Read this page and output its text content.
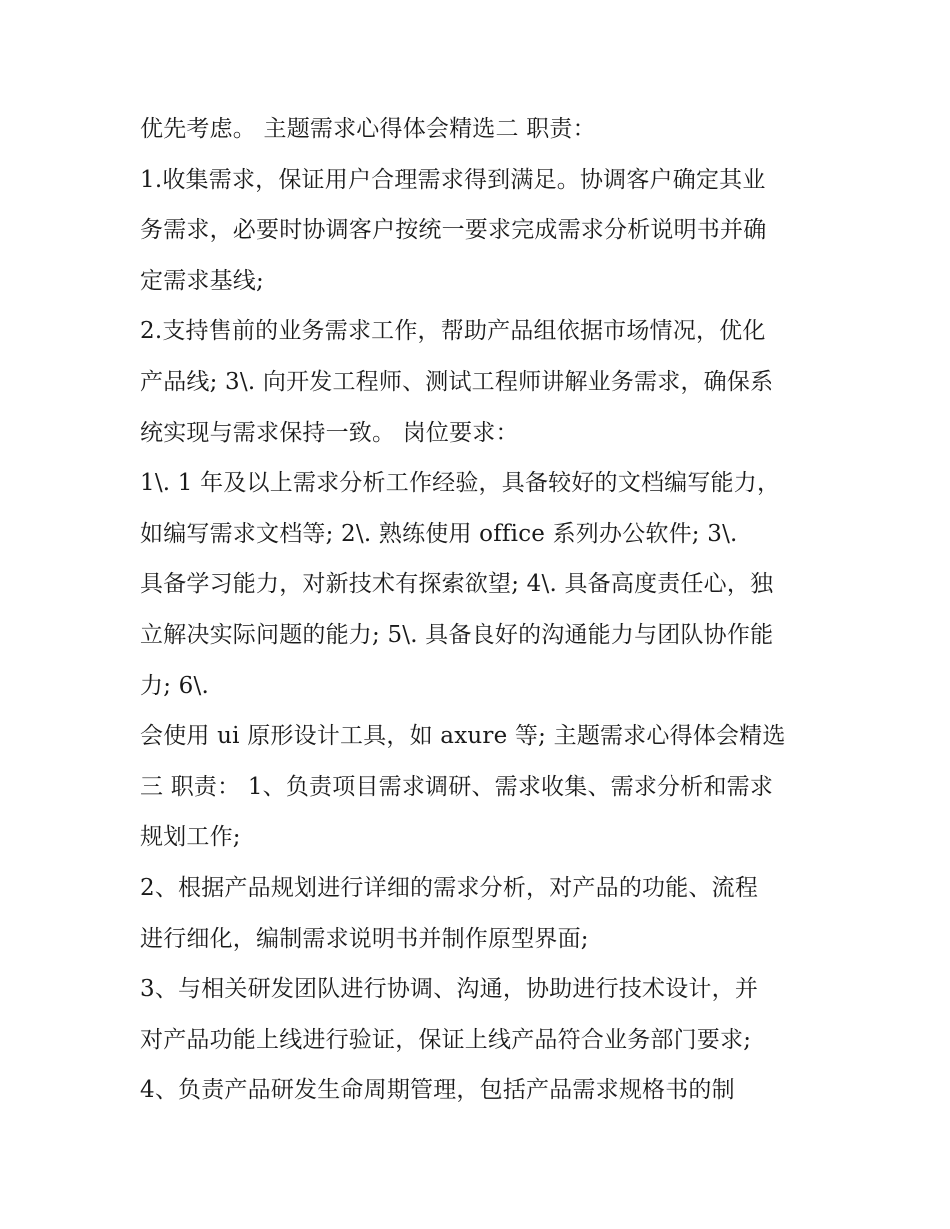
优先考虑。 主题需求心得体会精选二 职责：
1.收集需求，保证用户合理需求得到满足。协调客户确定其业
务需求，必要时协调客户按统一要求完成需求分析说明书并确
定需求基线;
2.支持售前的业务需求工作，帮助产品组依据市场情况，优化
产品线; 3\. 向开发工程师、测试工程师讲解业务需求，确保系
统实现与需求保持一致。 岗位要求：
1\. 1 年及以上需求分析工作经验，具备较好的文档编写能力，
如编写需求文档等; 2\. 熟练使用 office 系列办公软件; 3\.
具备学习能力，对新技术有探索欲望; 4\. 具备高度责任心，独
立解决实际问题的能力; 5\. 具备良好的沟通能力与团队协作能
力; 6\.
会使用 ui 原形设计工具，如 axure 等; 主题需求心得体会精选
三 职责： 1、负责项目需求调研、需求收集、需求分析和需求
规划工作;
2、根据产品规划进行详细的需求分析，对产品的功能、流程
进行细化，编制需求说明书并制作原型界面;
3、与相关研发团队进行协调、沟通，协助进行技术设计，并
对产品功能上线进行验证，保证上线产品符合业务部门要求;
4、负责产品研发生命周期管理，包括产品需求规格书的制
